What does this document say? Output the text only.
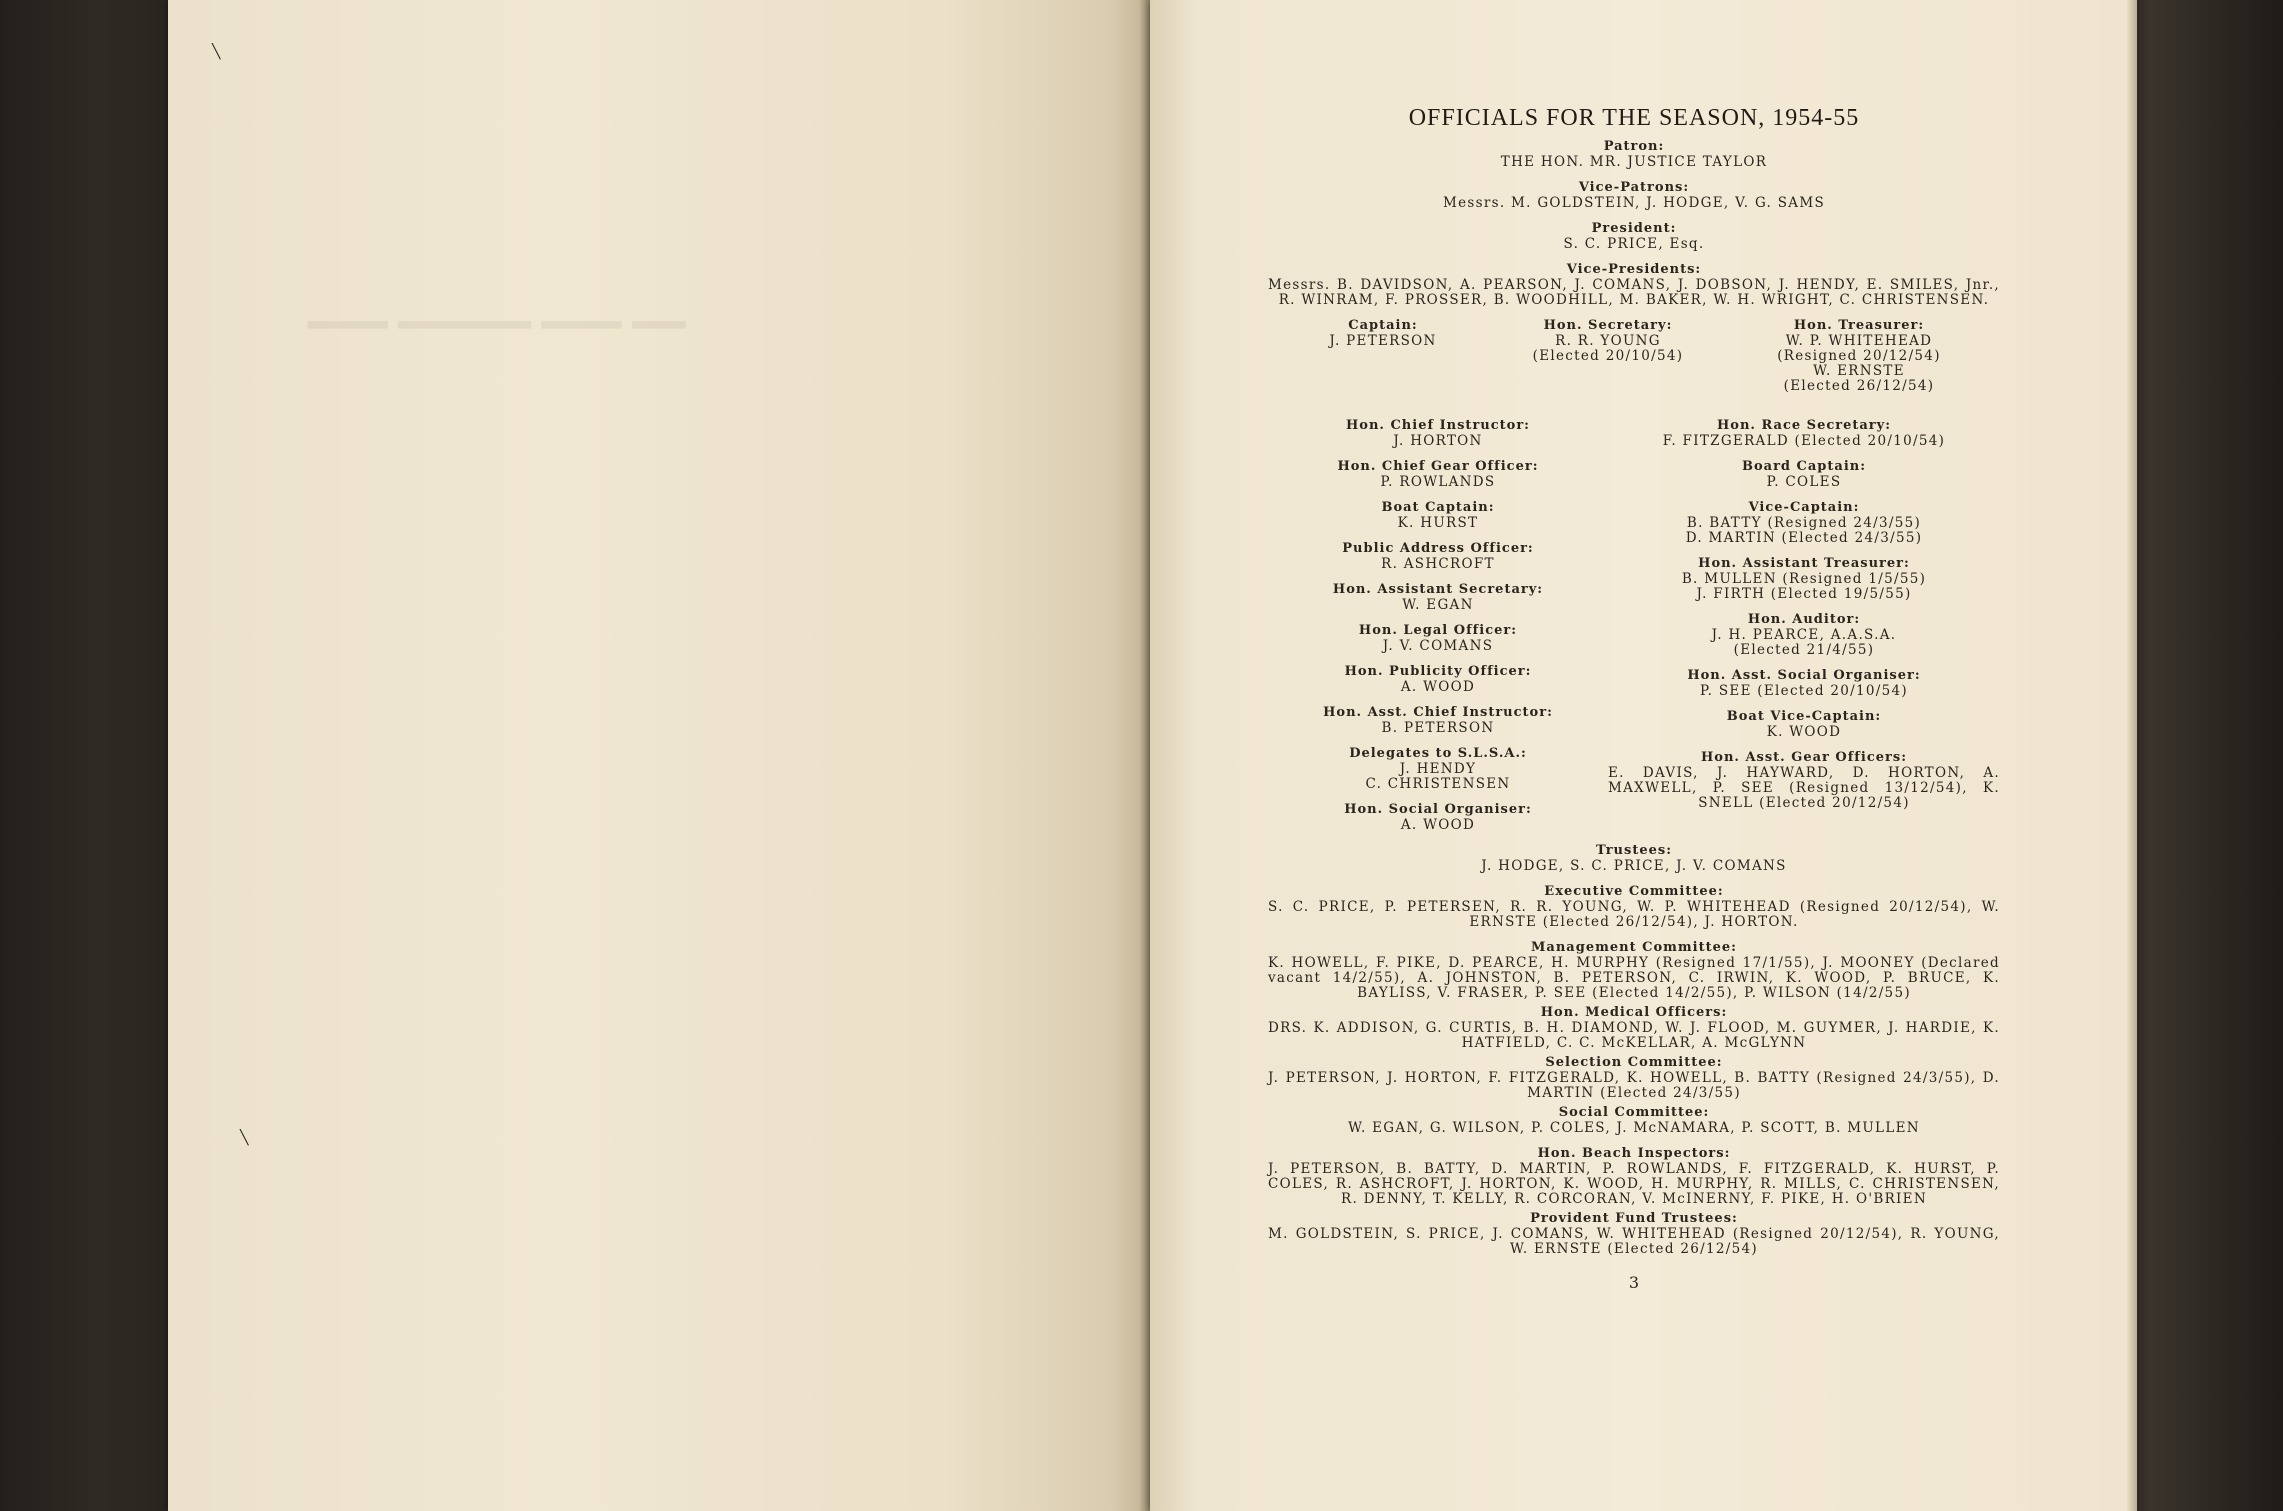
━━ ━━━ ━━━━━ ━━━
╲
╲
OFFICIALS FOR THE SEASON, 1954-55
Patron:
THE HON. MR. JUSTICE TAYLOR
Vice-Patrons:
Messrs. M. GOLDSTEIN, J. HODGE, V. G. SAMS
President:
S. C. PRICE, Esq.
Vice-Presidents:
Messrs. B. DAVIDSON, A. PEARSON, J. COMANS, J. DOBSON, J. HENDY, E. SMILES, Jnr., R. WINRAM, F. PROSSER, B. WOODHILL, M. BAKER, W. H. WRIGHT, C. CHRISTENSEN.
Captain:
J. PETERSON
Hon. Secretary:
R. R. YOUNG
(Elected 20/10/54)
Hon. Treasurer:
W. P. WHITEHEAD
(Resigned 20/12/54)
W. ERNSTE
(Elected 26/12/54)
Hon. Chief Instructor:
J. HORTON
Hon. Chief Gear Officer:
P. ROWLANDS
Boat Captain:
K. HURST
Public Address Officer:
R. ASHCROFT
Hon. Assistant Secretary:
W. EGAN
Hon. Legal Officer:
J. V. COMANS
Hon. Publicity Officer:
A. WOOD
Hon. Asst. Chief Instructor:
B. PETERSON
Delegates to S.L.S.A.:
J. HENDY
C. CHRISTENSEN
Hon. Social Organiser:
A. WOOD
Hon. Race Secretary:
F. FITZGERALD (Elected 20/10/54)
Board Captain:
P. COLES
Vice-Captain:
B. BATTY (Resigned 24/3/55)
D. MARTIN (Elected 24/3/55)
Hon. Assistant Treasurer:
B. MULLEN (Resigned 1/5/55)
J. FIRTH (Elected 19/5/55)
Hon. Auditor:
J. H. PEARCE, A.A.S.A.
(Elected 21/4/55)
Hon. Asst. Social Organiser:
P. SEE (Elected 20/10/54)
Boat Vice-Captain:
K. WOOD
Hon. Asst. Gear Officers:
E. DAVIS, J. HAYWARD, D. HORTON, A. MAXWELL, P. SEE (Resigned 13/12/54), K. SNELL (Elected 20/12/54)
Trustees:
J. HODGE, S. C. PRICE, J. V. COMANS
Executive Committee:
S. C. PRICE, P. PETERSEN, R. R. YOUNG, W. P. WHITEHEAD (Resigned 20/12/54), W. ERNSTE (Elected 26/12/54), J. HORTON.
Management Committee:
K. HOWELL, F. PIKE, D. PEARCE, H. MURPHY (Resigned 17/1/55), J. MOONEY (Declared vacant 14/2/55), A. JOHNSTON, B. PETERSON, C. IRWIN, K. WOOD, P. BRUCE, K. BAYLISS, V. FRASER, P. SEE (Elected 14/2/55), P. WILSON (14/2/55)
Hon. Medical Officers:
DRS. K. ADDISON, G. CURTIS, B. H. DIAMOND, W. J. FLOOD, M. GUYMER, J. HARDIE, K. HATFIELD, C. C. McKELLAR, A. McGLYNN
Selection Committee:
J. PETERSON, J. HORTON, F. FITZGERALD, K. HOWELL, B. BATTY (Resigned 24/3/55), D. MARTIN (Elected 24/3/55)
Social Committee:
W. EGAN, G. WILSON, P. COLES, J. McNAMARA, P. SCOTT, B. MULLEN
Hon. Beach Inspectors:
J. PETERSON, B. BATTY, D. MARTIN, P. ROWLANDS, F. FITZGERALD, K. HURST, P. COLES, R. ASHCROFT, J. HORTON, K. WOOD, H. MURPHY, R. MILLS, C. CHRISTENSEN, R. DENNY, T. KELLY, R. CORCORAN, V. McINERNY, F. PIKE, H. O'BRIEN
Provident Fund Trustees:
M. GOLDSTEIN, S. PRICE, J. COMANS, W. WHITEHEAD (Resigned 20/12/54), R. YOUNG, W. ERNSTE (Elected 26/12/54)
3
